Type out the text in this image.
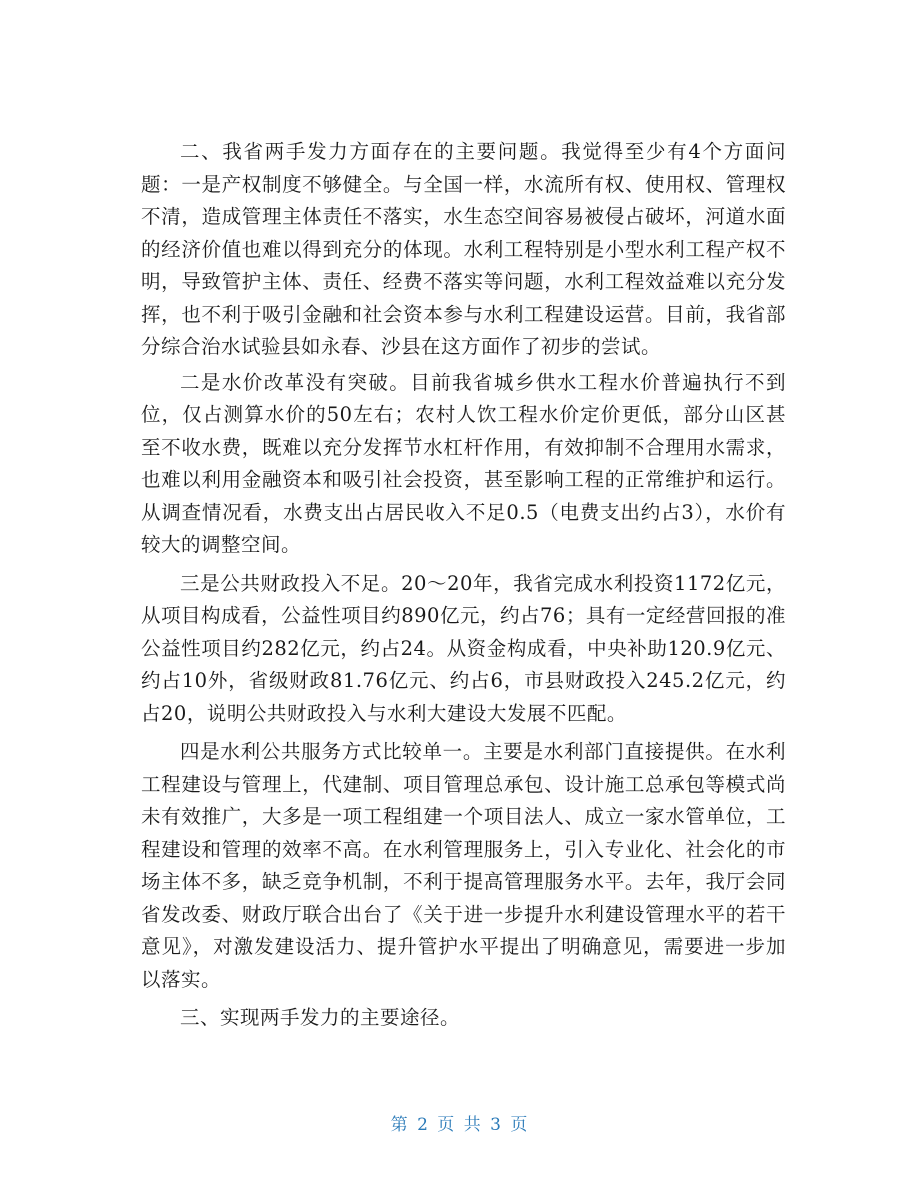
二、我省两手发力方面存在的主要问题。我觉得至少有4个方面问题：一是产权制度不够健全。与全国一样，水流所有权、使用权、管理权不清，造成管理主体责任不落实，水生态空间容易被侵占破坏，河道水面的经济价值也难以得到充分的体现。水利工程特别是小型水利工程产权不明，导致管护主体、责任、经费不落实等问题，水利工程效益难以充分发挥，也不利于吸引金融和社会资本参与水利工程建设运营。目前，我省部分综合治水试验县如永春、沙县在这方面作了初步的尝试。

二是水价改革没有突破。目前我省城乡供水工程水价普遍执行不到位，仅占测算水价的50左右；农村人饮工程水价定价更低，部分山区甚至不收水费，既难以充分发挥节水杠杆作用，有效抑制不合理用水需求，也难以利用金融资本和吸引社会投资，甚至影响工程的正常维护和运行。从调查情况看，水费支出占居民收入不足0.5（电费支出约占3），水价有较大的调整空间。

三是公共财政投入不足。20～20年，我省完成水利投资1172亿元，从项目构成看，公益性项目约890亿元，约占76；具有一定经营回报的准公益性项目约282亿元，约占24。从资金构成看，中央补助120.9亿元、约占10外，省级财政81.76亿元、约占6，市县财政投入245.2亿元，约占20，说明公共财政投入与水利大建设大发展不匹配。

四是水利公共服务方式比较单一。主要是水利部门直接提供。在水利工程建设与管理上，代建制、项目管理总承包、设计施工总承包等模式尚未有效推广，大多是一项工程组建一个项目法人、成立一家水管单位，工程建设和管理的效率不高。在水利管理服务上，引入专业化、社会化的市场主体不多，缺乏竞争机制，不利于提高管理服务水平。去年，我厅会同省发改委、财政厅联合出台了《关于进一步提升水利建设管理水平的若干意见》，对激发建设活力、提升管护水平提出了明确意见，需要进一步加以落实。

三、实现两手发力的主要途径。

第 2 页 共 3 页
